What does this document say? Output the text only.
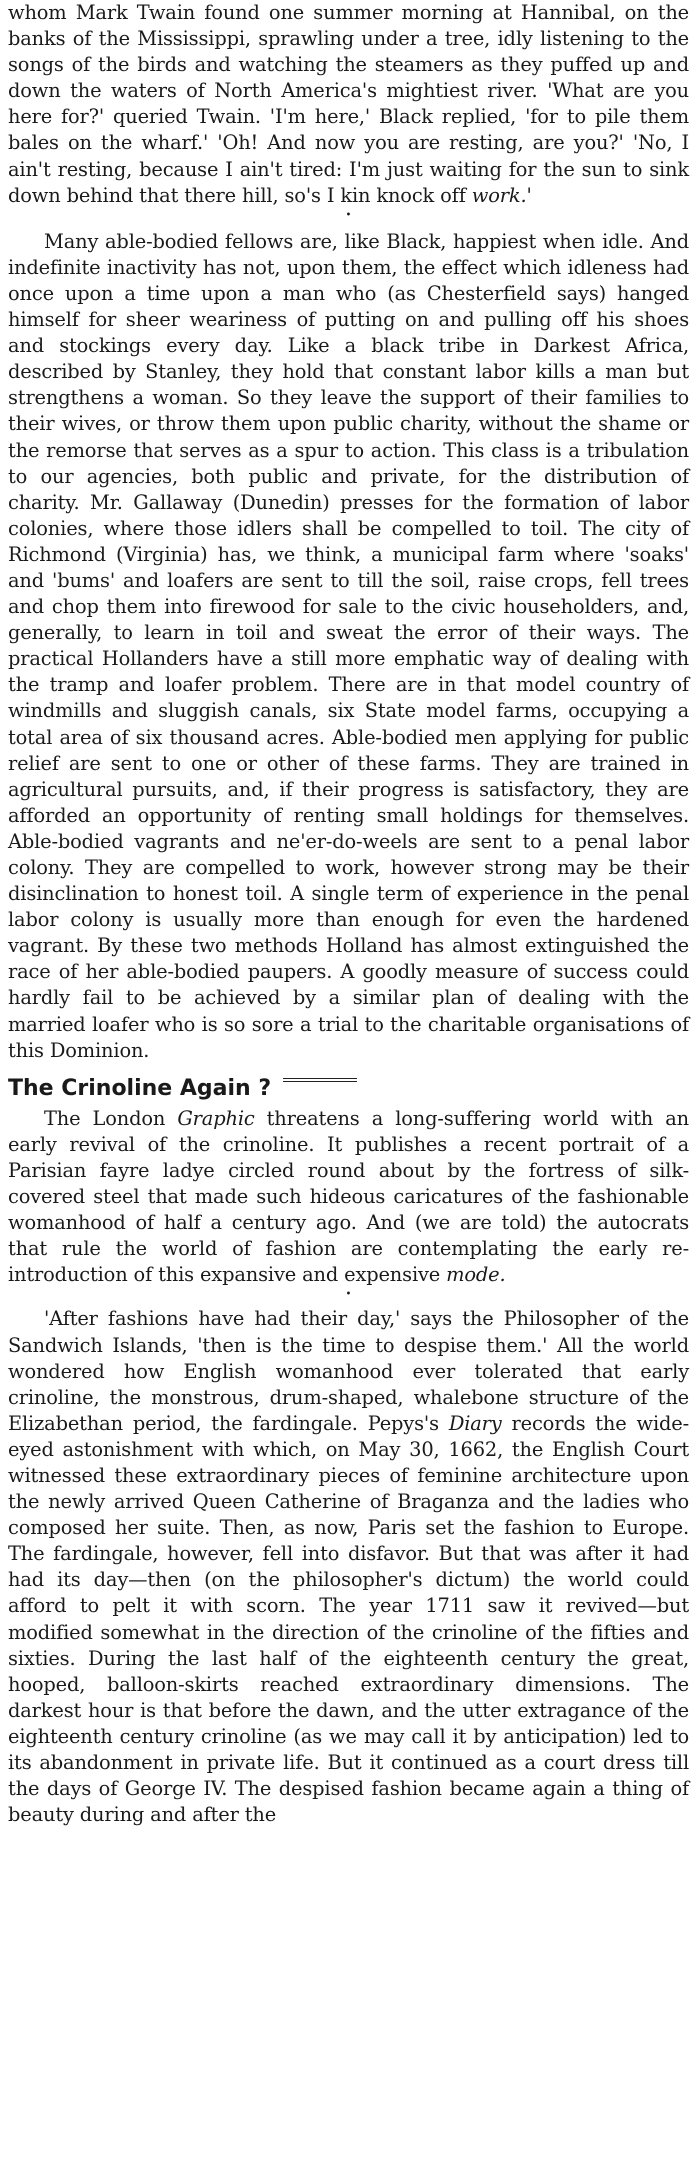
whom Mark Twain found one summer morning at Hannibal, on the banks of the Mississippi, sprawling under a tree, idly listening to the songs of the birds and watching the steamers as they puffed up and down the waters of North America's mightiest river. 'What are you here for?' queried Twain. 'I'm here,' Black replied, 'for to pile them bales on the wharf.' 'Oh! And now you are resting, are you?' 'No, I ain't resting, because I ain't tired: I'm just waiting for the sun to sink down behind that there hill, so's I kin knock off work.'

•

Many able-bodied fellows are, like Black, happiest when idle. And indefinite inactivity has not, upon them, the effect which idleness had once upon a time upon a man who (as Chesterfield says) hanged himself for sheer weariness of putting on and pulling off his shoes and stockings every day. Like a black tribe in Darkest Africa, described by Stanley, they hold that constant labor kills a man but strengthens a woman. So they leave the support of their families to their wives, or throw them upon public charity, without the shame or the remorse that serves as a spur to action. This class is a tribulation to our agencies, both public and private, for the distribution of charity. Mr. Gallaway (Dunedin) presses for the formation of labor colonies, where those idlers shall be compelled to toil. The city of Richmond (Virginia) has, we think, a municipal farm where 'soaks' and 'bums' and loafers are sent to till the soil, raise crops, fell trees and chop them into firewood for sale to the civic householders, and, generally, to learn in toil and sweat the error of their ways. The practical Hollanders have a still more emphatic way of dealing with the tramp and loafer problem. There are in that model country of windmills and sluggish canals, six State model farms, occupying a total area of six thousand acres. Able-bodied men applying for public relief are sent to one or other of these farms. They are trained in agricultural pursuits, and, if their progress is satisfactory, they are afforded an opportunity of renting small holdings for themselves. Able-bodied vagrants and ne'er-do-weels are sent to a penal labor colony. They are compelled to work, however strong may be their disinclination to honest toil. A single term of experience in the penal labor colony is usually more than enough for even the hardened vagrant. By these two methods Holland has almost extinguished the race of her able-bodied paupers. A goodly measure of success could hardly fail to be achieved by a similar plan of dealing with the married loafer who is so sore a trial to the charitable organisations of this Dominion.

The Crinoline Again ?

The London Graphic threatens a long-suffering world with an early revival of the crinoline. It publishes a recent portrait of a Parisian fayre ladye circled round about by the fortress of silk-covered steel that made such hideous caricatures of the fashionable womanhood of half a century ago. And (we are told) the autocrats that rule the world of fashion are contemplating the early re-introduction of this expansive and expensive mode.

•

'After fashions have had their day,' says the Philosopher of the Sandwich Islands, 'then is the time to despise them.' All the world wondered how English womanhood ever tolerated that early crinoline, the monstrous, drum-shaped, whalebone structure of the Elizabethan period, the fardingale. Pepys's Diary records the wide-eyed astonishment with which, on May 30, 1662, the English Court witnessed these extraordinary pieces of feminine architecture upon the newly arrived Queen Catherine of Braganza and the ladies who composed her suite. Then, as now, Paris set the fashion to Europe. The fardingale, however, fell into disfavor. But that was after it had had its day—then (on the philosopher's dictum) the world could afford to pelt it with scorn. The year 1711 saw it revived—but modified somewhat in the direction of the crinoline of the fifties and sixties. During the last half of the eighteenth century the great, hooped, balloon-skirts reached extraordinary dimensions. The darkest hour is that before the dawn, and the utter extragance of the eighteenth century crinoline (as we may call it by anticipation) led to its abandonment in private life. But it continued as a court dress till the days of George IV. The despised fashion became again a thing of beauty during and after the
